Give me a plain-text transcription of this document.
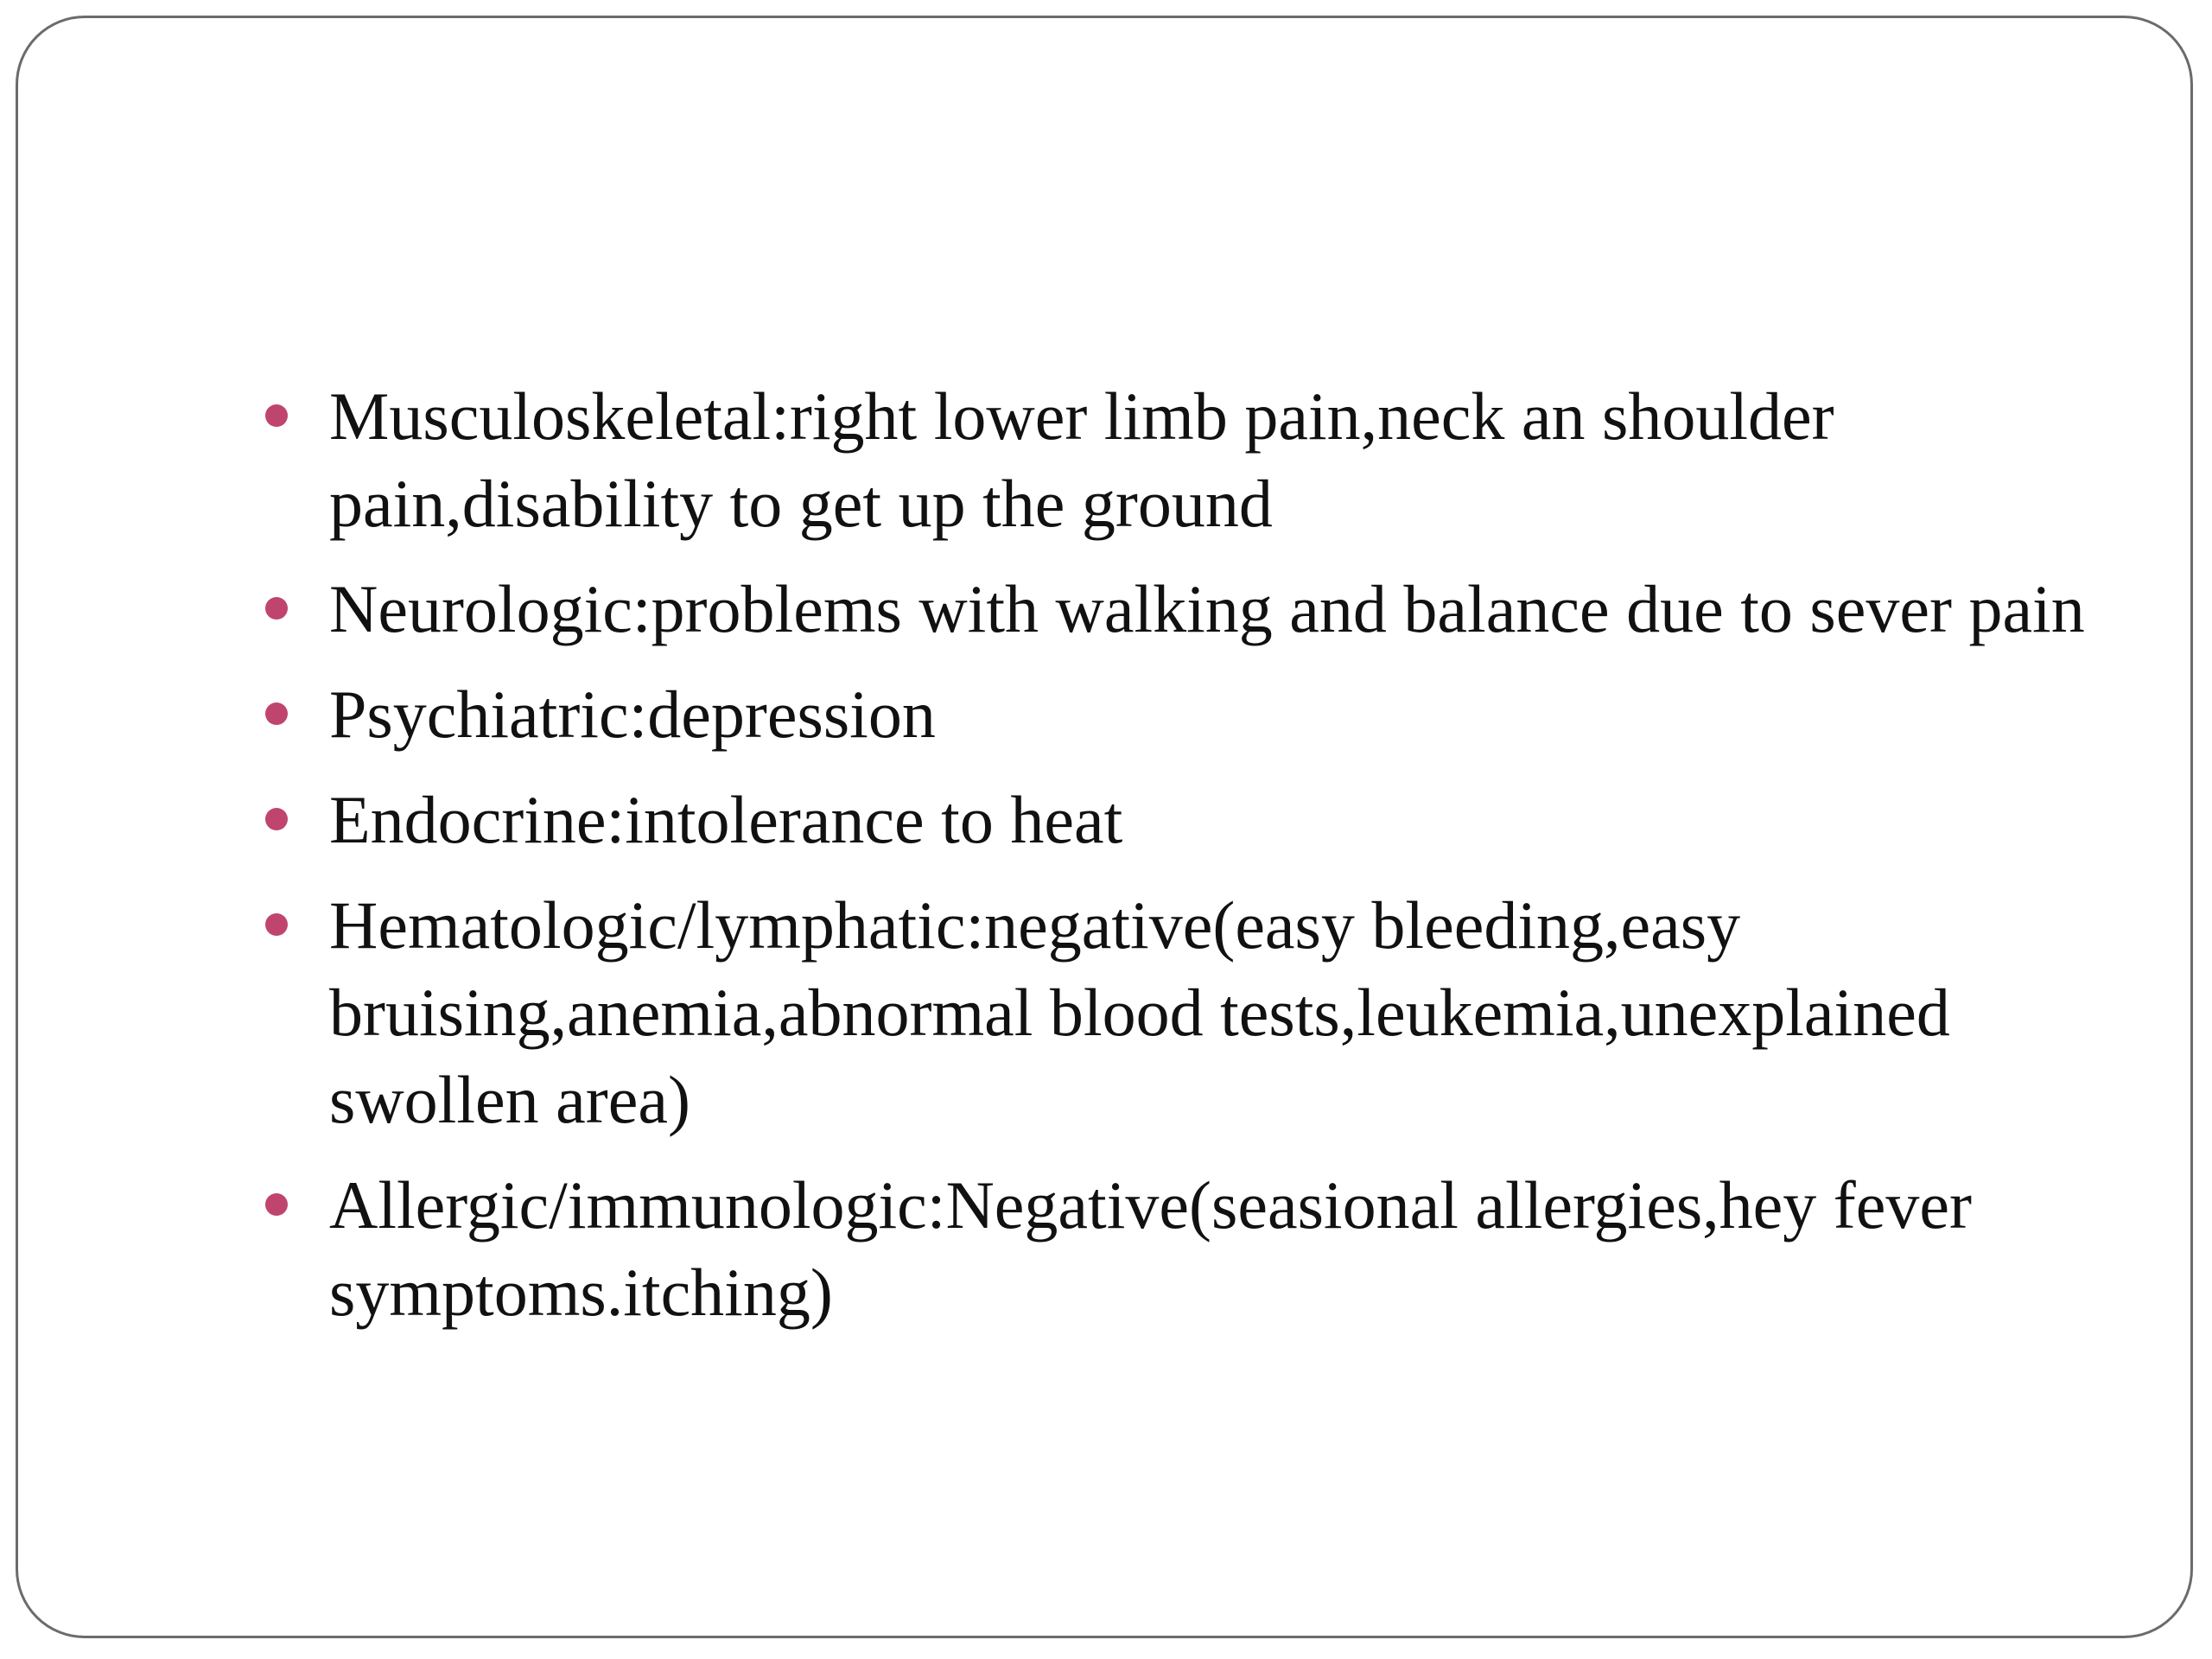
Musculoskeletal:right lower limb pain,neck an shoulder pain,disability to get up the ground
Neurologic:problems with walking and balance due to sever pain
Psychiatric:depression
Endocrine:intolerance to heat
Hematologic/lymphatic:negative(easy bleeding,easy bruising,anemia,abnormal blood tests,leukemia,unexplained swollen area)
Allergic/immunologic:Negative(seasional allergies,hey fever symptoms.itching)
